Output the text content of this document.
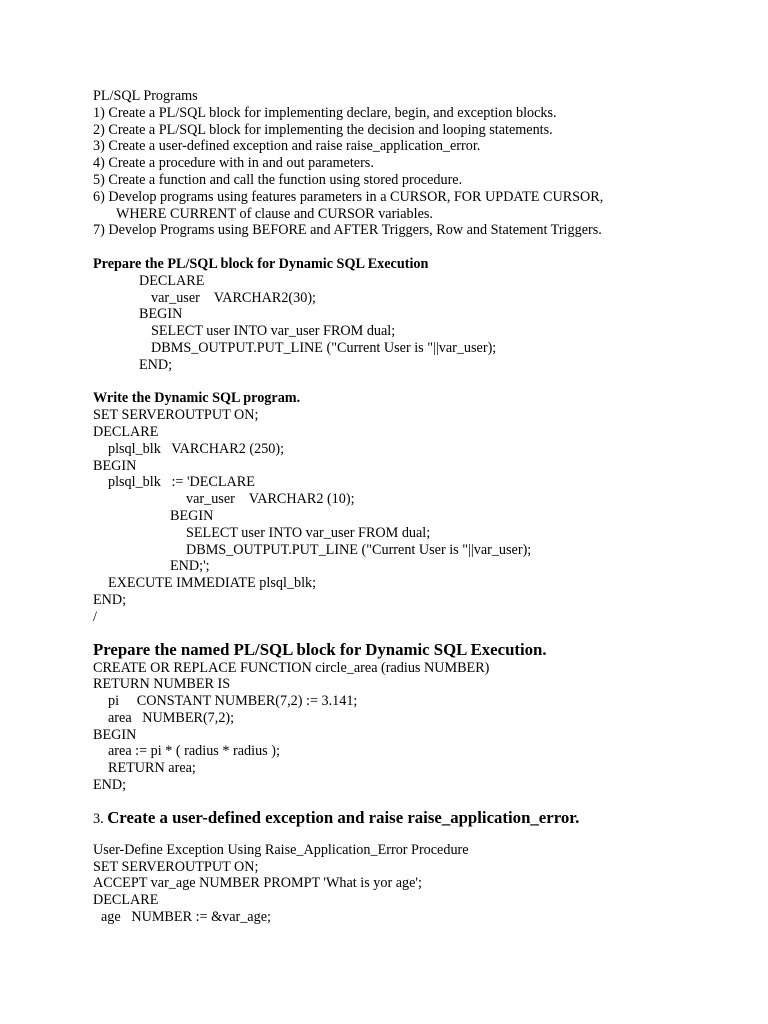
PL/SQL Programs
1) Create a PL/SQL block for implementing declare, begin, and exception blocks.
2) Create a PL/SQL block for implementing the decision and looping statements.
3) Create a user-defined exception and raise raise_application_error.
4) Create a procedure with in and out parameters.
5) Create a function and call the function using stored procedure.
6) Develop programs using features parameters in a CURSOR, FOR UPDATE CURSOR,
WHERE CURRENT of clause and CURSOR variables.
7) Develop Programs using BEFORE and AFTER Triggers, Row and Statement Triggers.
Prepare the PL/SQL block for Dynamic SQL Execution
DECLARE
var_user    VARCHAR2(30);
BEGIN
SELECT user INTO var_user FROM dual;
DBMS_OUTPUT.PUT_LINE ("Current User is "||var_user);
END;
Write the Dynamic SQL program.
SET SERVEROUTPUT ON;
DECLARE
plsql_blk   VARCHAR2 (250);
BEGIN
plsql_blk   := 'DECLARE
var_user    VARCHAR2 (10);
BEGIN
SELECT user INTO var_user FROM dual;
DBMS_OUTPUT.PUT_LINE ("Current User is "||var_user);
END;';
EXECUTE IMMEDIATE plsql_blk;
END;
/
Prepare the named PL/SQL block for Dynamic SQL Execution.
CREATE OR REPLACE FUNCTION circle_area (radius NUMBER)
RETURN NUMBER IS
pi     CONSTANT NUMBER(7,2) := 3.141;
area   NUMBER(7,2);
BEGIN
area := pi * ( radius * radius );
RETURN area;
END;
3. Create a user-defined exception and raise raise_application_error.
User-Define Exception Using Raise_Application_Error Procedure
SET SERVEROUTPUT ON;
ACCEPT var_age NUMBER PROMPT 'What is yor age';
DECLARE
age   NUMBER := &var_age;
